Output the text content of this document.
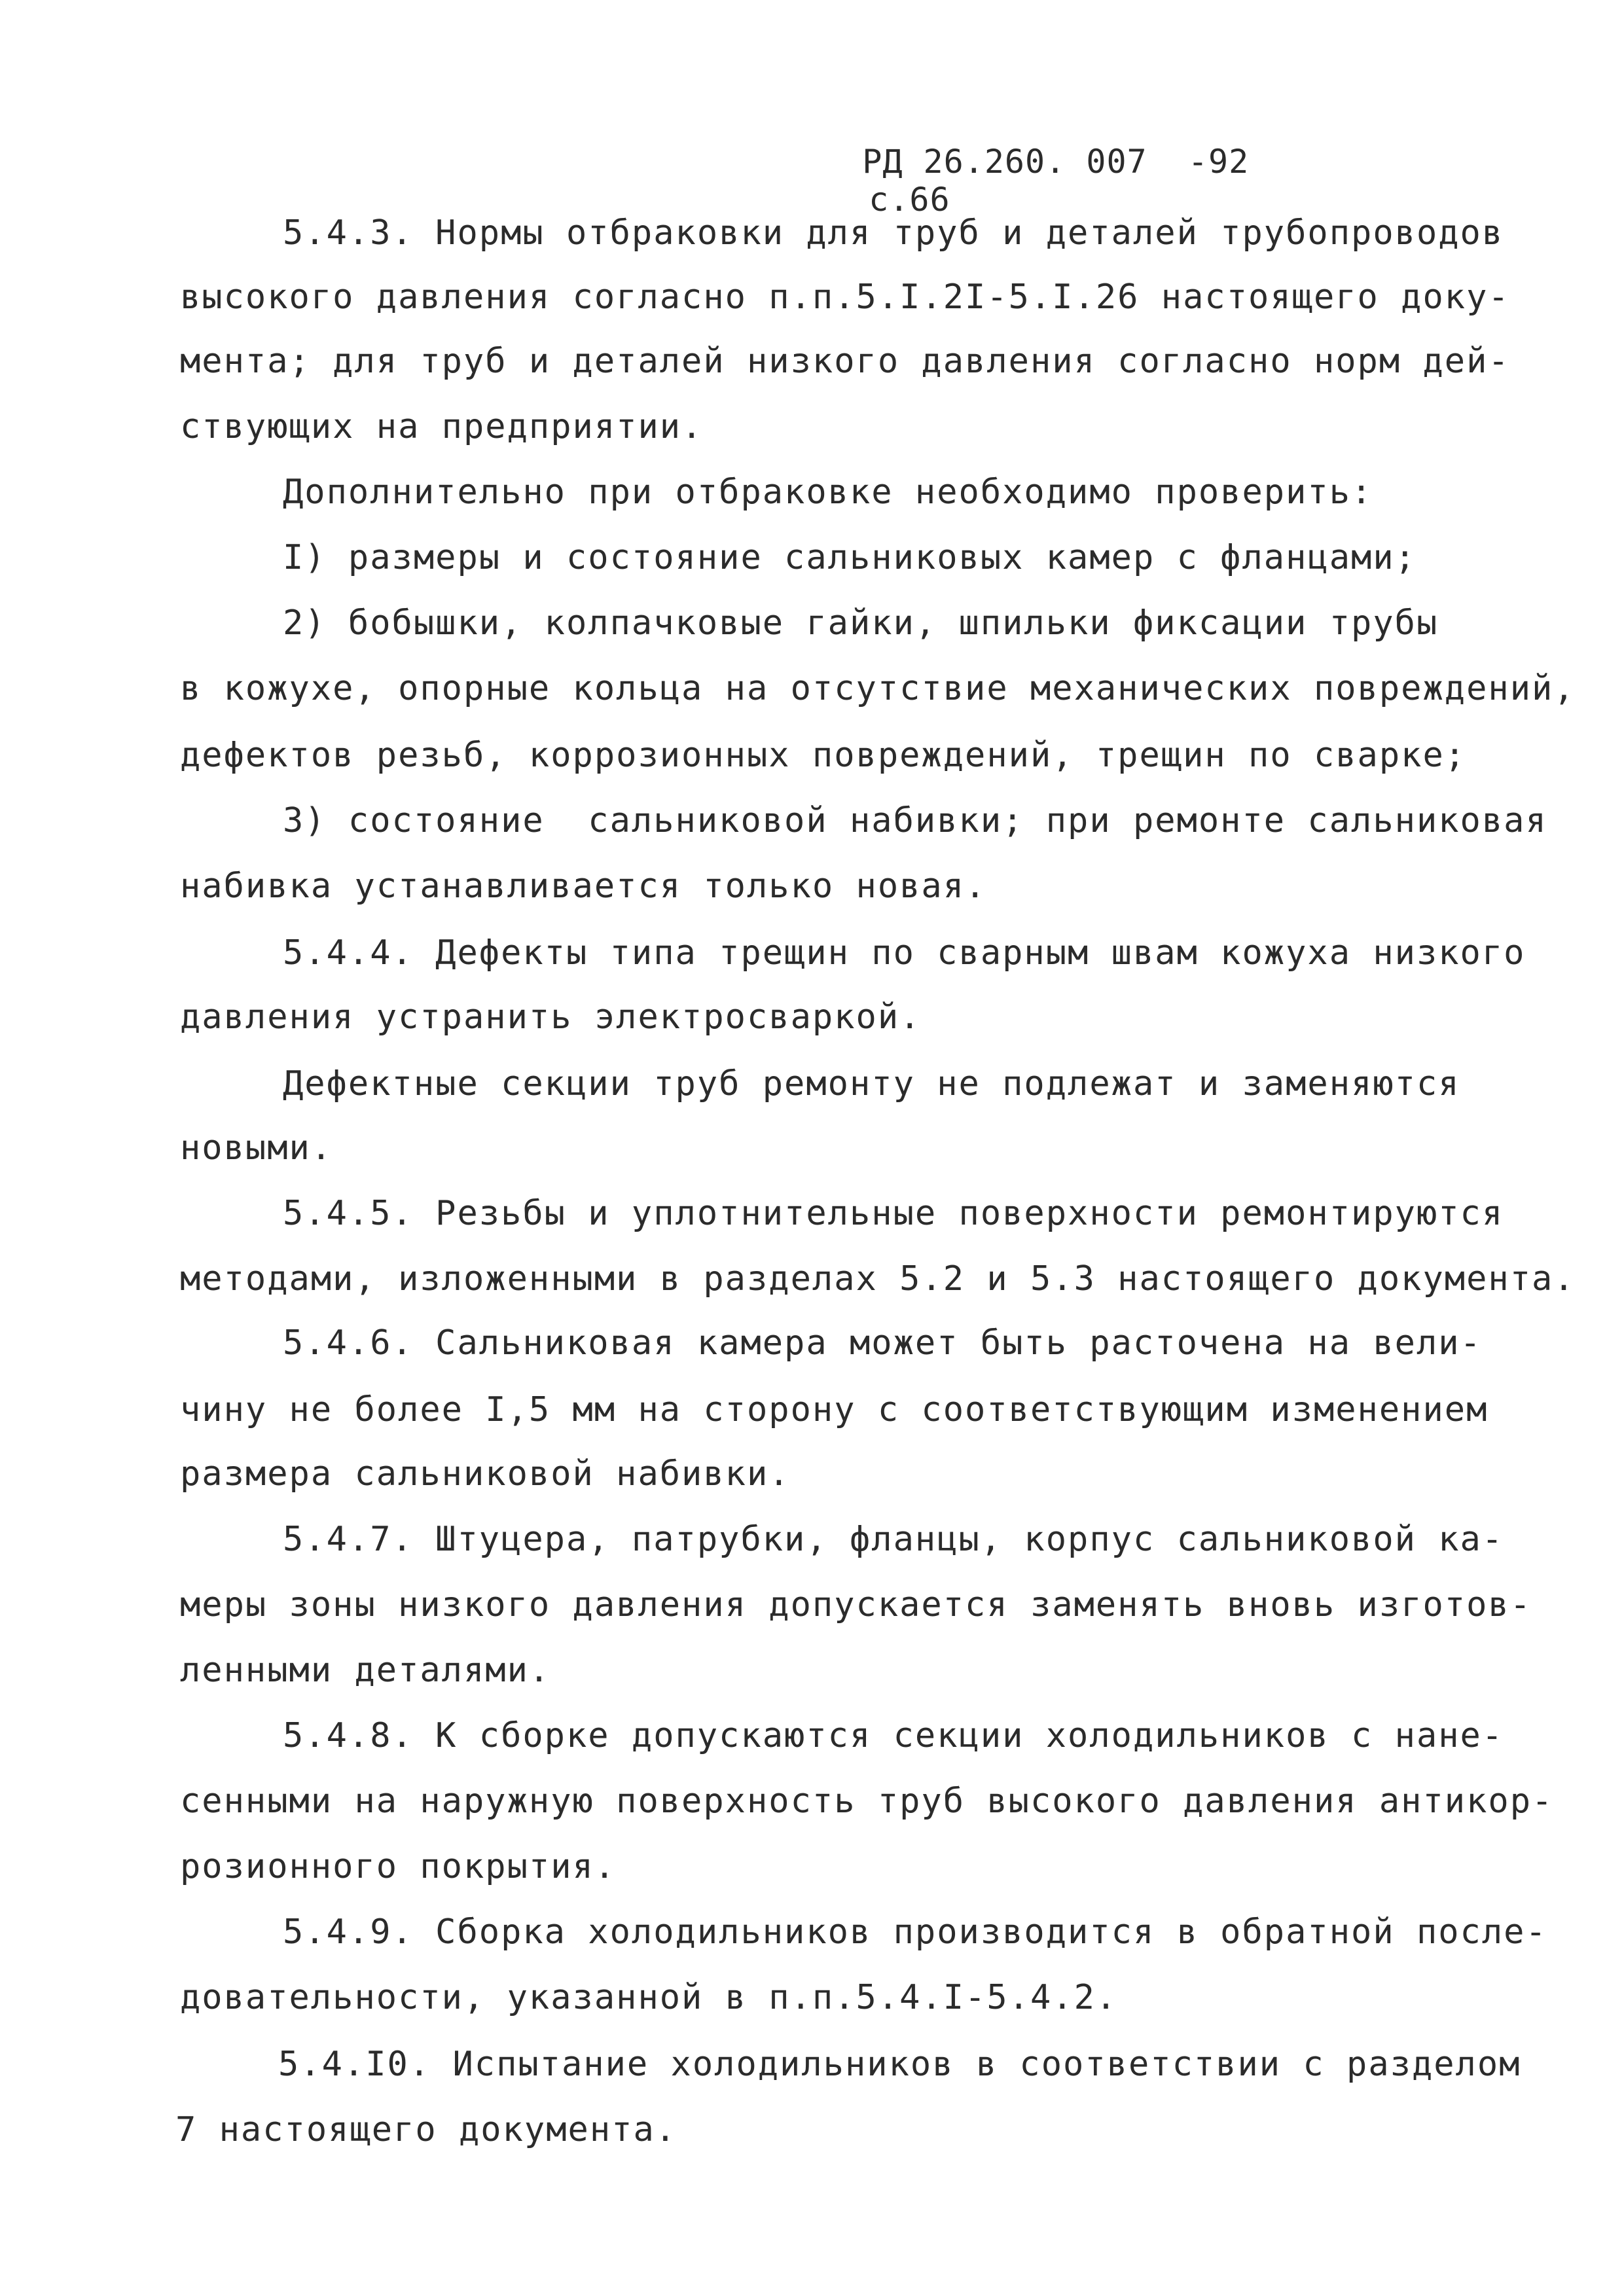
РД 26.260. 007  -92
с.66

5.4.3. Нормы отбраковки для труб и деталей трубопроводов
высокого давления согласно п.п.5.I.2I-5.I.26 настоящего доку-
мента; для труб и деталей низкого давления согласно норм дей-
ствующих на предприятии.
Дополнительно при отбраковке необходимо проверить:
I) размеры и состояние сальниковых камер с фланцами;
2) бобышки, колпачковые гайки, шпильки фиксации трубы
в кожухе, опорные кольца на отсутствие механических повреждений,
дефектов резьб, коррозионных повреждений, трещин по сварке;
3) состояние  сальниковой набивки; при ремонте сальниковая
набивка устанавливается только новая.
5.4.4. Дефекты типа трещин по сварным швам кожуха низкого
давления устранить электросваркой.
Дефектные секции труб ремонту не подлежат и заменяются
новыми.
5.4.5. Резьбы и уплотнительные поверхности ремонтируются
методами, изложенными в разделах 5.2 и 5.3 настоящего документа.
5.4.6. Сальниковая камера может быть расточена на вели-
чину не более I,5 мм на сторону с соответствующим изменением
размера сальниковой набивки.
5.4.7. Штуцера, патрубки, фланцы, корпус сальниковой ка-
меры зоны низкого давления допускается заменять вновь изготов-
ленными деталями.
5.4.8. К сборке допускаются секции холодильников с нане-
сенными на наружную поверхность труб высокого давления антикор-
розионного покрытия.
5.4.9. Сборка холодильников производится в обратной после-
довательности, указанной в п.п.5.4.I-5.4.2.
5.4.I0. Испытание холодильников в соответствии с разделом
7 настоящего документа.
